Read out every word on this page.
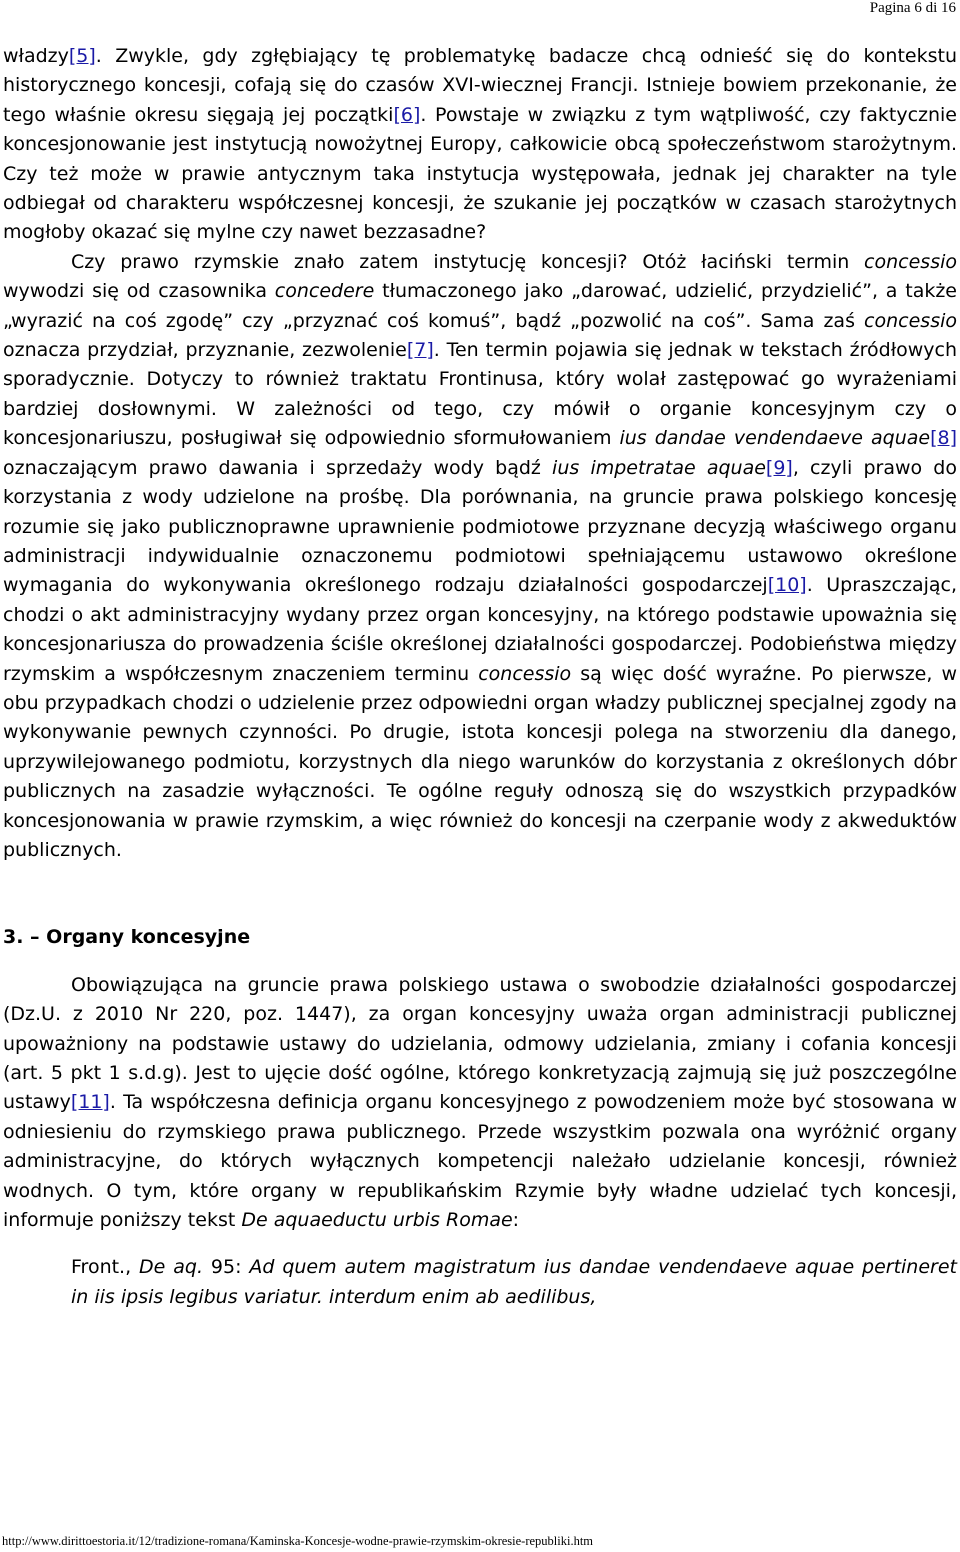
Pagina 6 di 16

władzy[5]. Zwykle, gdy zgłębiający tę problematykę badacze chcą odnieść się do kontekstu historycznego koncesji, cofają się do czasów XVI-wiecznej Francji. Istnieje bowiem przekonanie, że tego właśnie okresu sięgają jej początki[6]. Powstaje w związku z tym wątpliwość, czy faktycznie koncesjonowanie jest instytucją nowożytnej Europy, całkowicie obcą społeczeństwom starożytnym. Czy też może w prawie antycznym taka instytucja występowała, jednak jej charakter na tyle odbiegał od charakteru współczesnej koncesji, że szukanie jej początków w czasach starożytnych mogłoby okazać się mylne czy nawet bezzasadne?

Czy prawo rzymskie znało zatem instytucję koncesji? Otóż łaciński termin concessio wywodzi się od czasownika concedere tłumaczonego jako „darować, udzielić, przydzielić”, a także „wyrazić na coś zgodę” czy „przyznać coś komuś”, bądź „pozwolić na coś”. Sama zaś concessio oznacza przydział, przyznanie, zezwolenie[7]. Ten termin pojawia się jednak w tekstach źródłowych sporadycznie. Dotyczy to również traktatu Frontinusa, który wolał zastępować go wyrażeniami bardziej dosłownymi. W zależności od tego, czy mówił o organie koncesyjnym czy o koncesjonariuszu, posługiwał się odpowiednio sformułowaniem ius dandae vendendaeve aquae[8] oznaczającym prawo dawania i sprzedaży wody bądź ius impetratae aquae[9], czyli prawo do korzystania z wody udzielone na prośbę. Dla porównania, na gruncie prawa polskiego koncesję rozumie się jako publicznoprawne uprawnienie podmiotowe przyznane decyzją właściwego organu administracji indywidualnie oznaczonemu podmiotowi spełniającemu ustawowo określone wymagania do wykonywania określonego rodzaju działalności gospodarczej[10]. Upraszczając, chodzi o akt administracyjny wydany przez organ koncesyjny, na którego podstawie upoważnia się koncesjonariusza do prowadzenia ściśle określonej działalności gospodarczej. Podobieństwa między rzymskim a współczesnym znaczeniem terminu concessio są więc dość wyraźne. Po pierwsze, w obu przypadkach chodzi o udzielenie przez odpowiedni organ władzy publicznej specjalnej zgody na wykonywanie pewnych czynności. Po drugie, istota koncesji polega na stworzeniu dla danego, uprzywilejowanego podmiotu, korzystnych dla niego warunków do korzystania z określonych dóbr publicznych na zasadzie wyłączności. Te ogólne reguły odnoszą się do wszystkich przypadków koncesjonowania w prawie rzymskim, a więc również do koncesji na czerpanie wody z akweduktów publicznych.

3. – Organy koncesyjne

Obowiązująca na gruncie prawa polskiego ustawa o swobodzie działalności gospodarczej (Dz.U. z 2010 Nr 220, poz. 1447), za organ koncesyjny uważa organ administracji publicznej upoważniony na podstawie ustawy do udzielania, odmowy udzielania, zmiany i cofania koncesji (art. 5 pkt 1 s.d.g). Jest to ujęcie dość ogólne, którego konkretyzacją zajmują się już poszczególne ustawy[11]. Ta współczesna definicja organu koncesyjnego z powodzeniem może być stosowana w odniesieniu do rzymskiego prawa publicznego. Przede wszystkim pozwala ona wyróżnić organy administracyjne, do których wyłącznych kompetencji należało udzielanie koncesji, również wodnych. O tym, które organy w republikańskim Rzymie były władne udzielać tych koncesji, informuje poniższy tekst De aquaeductu urbis Romae:

Front., De aq. 95: Ad quem autem magistratum ius dandae vendendaeve aquae pertineret in iis ipsis legibus variatur. interdum enim ab aedilibus,

http://www.dirittoestoria.it/12/tradizione-romana/Kaminska-Koncesje-wodne-prawie-rzymskim-okresie-republiki.htm
